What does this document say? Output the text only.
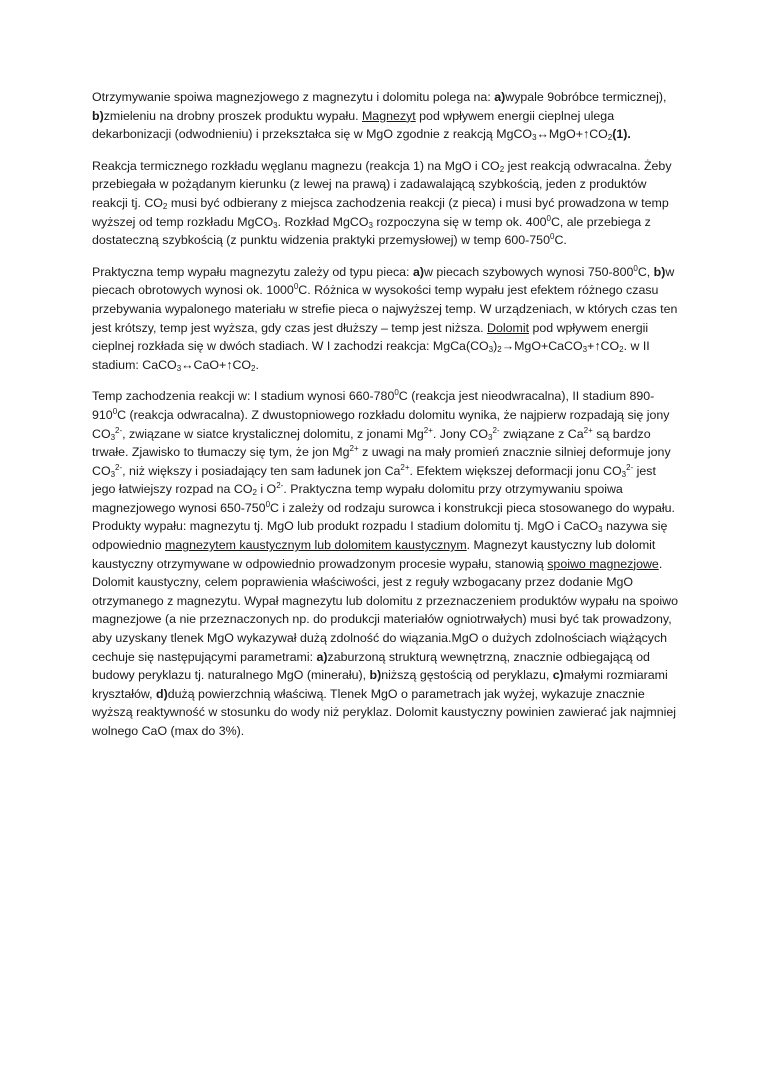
Otrzymywanie spoiwa magnezjowego z magnezytu i dolomitu polega na: a)wypale 9obróbce termicznej), b)zmieleniu na drobny proszek produktu wypału. Magnezyt pod wpływem energii cieplnej ulega dekarbonizacji (odwodnieniu) i przekształca się w MgO zgodnie z reakcją $MgCO_3\leftrightarrow MgO+↑CO_2(1)$.

Reakcja termicznego rozkładu węglanu magnezu (reakcja 1) na MgO i $CO_2$ jest reakcją odwracalna. Żeby przebiegała w pożądanym kierunku (z lewej na prawą) i zadawalającą szybkością, jeden z produktów reakcji tj. $CO_2$ musi być odbierany z miejsca zachodzenia reakcji (z pieca) i musi być prowadzona w temp wyższej od temp rozkładu MgCO$_3$. Rozkład MgCO$_3$ rozpoczyna się w temp ok. $400^0C$, ale przebiega z dostateczną szybkością (z punktu widzenia praktyki przemysłowej) w temp $600-750^0C$.

Praktyczna temp wypału magnezytu zależy od typu pieca: a)w piecach szybowych wynosi $750-800^0C$, b)w piecach obrotowych wynosi ok. 1000$^0$C. Różnica w wysokości temp wypału jest efektem różnego czasu przebywania wypalonego materiału w strefie pieca o najwyższej temp. W urządzeniach, w których czas ten jest krótszy, temp jest wyższa, gdy czas jest dłuższy – temp jest niższa. Dolomit pod wpływem energii cieplnej rozkłada się w dwóch stadiach. W I zachodzi reakcja: $MgCa(CO_3)_2\to MgO+CaCO_3+↑CO_2$. w II stadium: $CaCO_3\leftrightarrow CaO+↑CO_2$.

Temp zachodzenia reakcji w: I stadium wynosi $660-780^0C$ (reakcja jest nieodwracalna), II stadium $890-910^0C$ (reakcja odwracalna). Z dwustopniowego rozkładu dolomitu wynika, że najpierw rozpadają się jony $CO_3^{2-}$, związane w siatce krystalicznej dolomitu, z jonami $Mg^{2+}$. Jony $CO_3^{2-}$ związane z $Ca^{2+}$ są bardzo trwałe. Zjawisko to tłumaczy się tym, że jon $Mg^{2+}$ z uwagi na mały promień znacznie silniej deformuje jony $CO_3^{2-}$, niż większy i posiadający ten sam ładunek jon $Ca^{2+}$. Efektem większej deformacji jonu $CO_3^{2-}$ jest jego łatwiejszy rozpad na $CO_2$ i $O^{2-}$. Praktyczna temp wypału dolomitu przy otrzymywaniu spoiwa magnezjowego wynosi $650-750^0C$ i zależy od rodzaju surowca i konstrukcji pieca stosowanego do wypału. Produkty wypału: magnezytu tj. MgO lub produkt rozpadu I stadium dolomitu tj. MgO i CaCO$_3$ nazywa się odpowiednio magnezytem kaustycznym lub dolomitem kaustycznym. Magnezyt kaustyczny lub dolomit kaustyczny otrzymywane w odpowiednio prowadzonym procesie wypału, stanowią spoiwo magnezjowe. Dolomit kaustyczny, celem poprawienia właściwości, jest z reguły wzbogacany przez dodanie MgO otrzymanego z magnezytu. Wypał magnezytu lub dolomitu z przeznaczeniem produktów wypału na spoiwo magnezjowe (a nie przeznaczonych np. do produkcji materiałów ogniotrwałych) musi być tak prowadzony, aby uzyskany tlenek MgO wykazywał dużą zdolność do wiązania.MgO o dużych zdolnościach wiążących cechuje się następującymi parametrami: a)zaburzoną strukturą wewnętrzną, znacznie odbiegającą od budowy peryklazu tj. naturalnego MgO (minerału), b)niższą gęstością od peryklazu, c)małymi rozmiarami kryształów, d)dużą powierzchnią właściwą. Tlenek MgO o parametrach jak wyżej, wykazuje znacznie wyższą reaktywność w stosunku do wody niż peryklaz. Dolomit kaustyczny powinien zawierać jak najmniej wolnego CaO (max do 3%).
